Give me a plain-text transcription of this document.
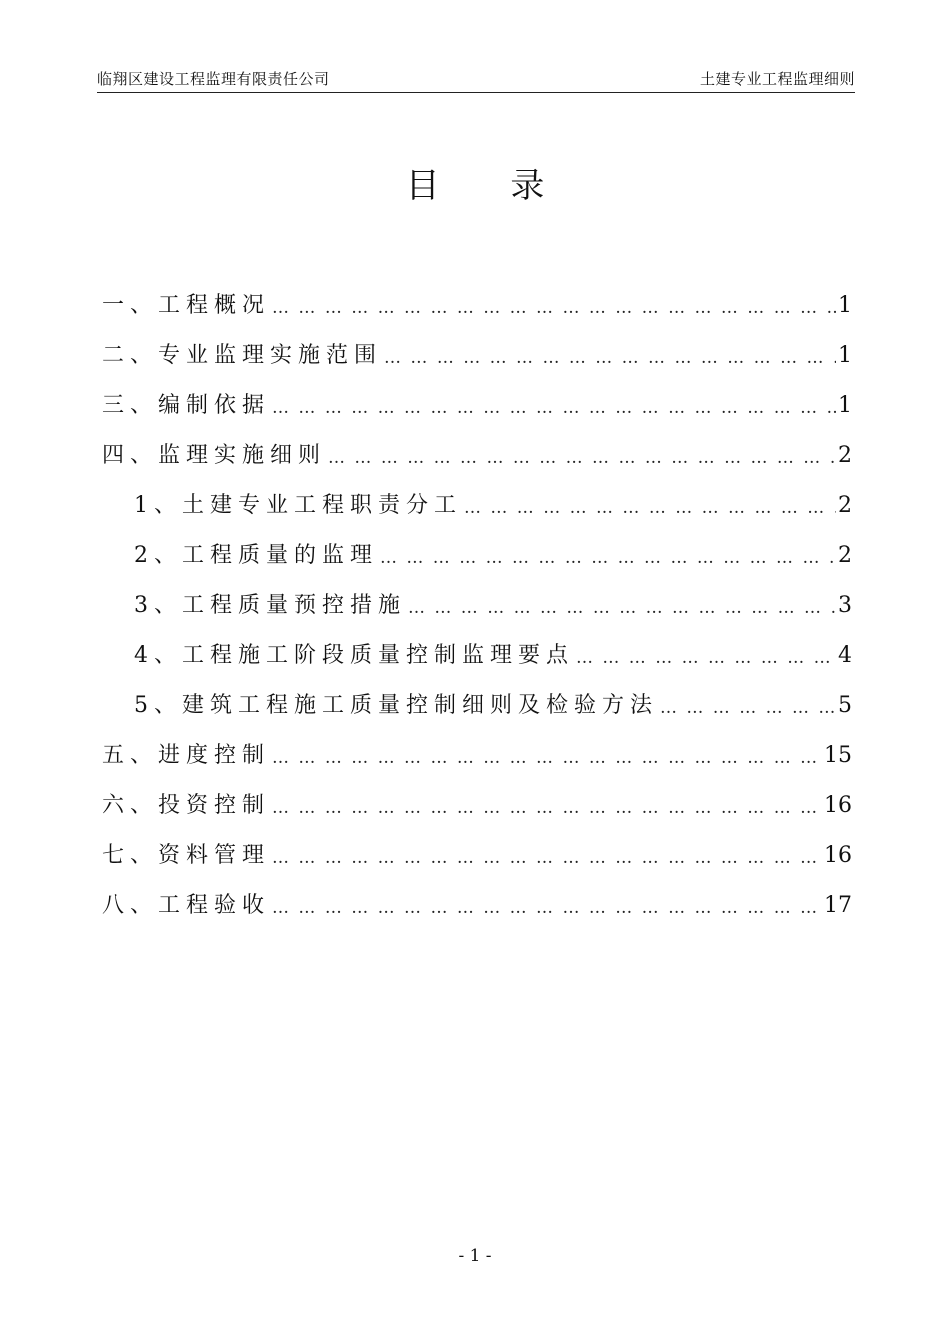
临翔区建设工程监理有限责任公司	土建专业工程监理细则
目 录
一、工程概况 … … … … … … … … … … … … … … … … … … … … … … … … … … … … … … … … … … … … … … … … … … … … … … … … … … … … … … … … … … … … … … … …	1
二、专业监理实施范围 … … … … … … … … … … … … … … … … … … … … … … … … … … … … … … … … … … … … … … … … … … … … … … … … … … … … … … … … … … … … … … … …	1
三、编制依据 … … … … … … … … … … … … … … … … … … … … … … … … … … … … … … … … … … … … … … … … … … … … … … … … … … … … … … … … … … … … … … … …	1
四、监理实施细则 … … … … … … … … … … … … … … … … … … … … … … … … … … … … … … … … … … … … … … … … … … … … … … … … … … … … … … … … … … … … … … … …	2
1、土建专业工程职责分工 … … … … … … … … … … … … … … … … … … … … … … … … … … … … … … … … … … … … … … … … … … … … … … … … … … … … … … … … … … … … … … … …	2
2、工程质量的监理 … … … … … … … … … … … … … … … … … … … … … … … … … … … … … … … … … … … … … … … … … … … … … … … … … … … … … … … … … … … … … … … …	2
3、工程质量预控措施 … … … … … … … … … … … … … … … … … … … … … … … … … … … … … … … … … … … … … … … … … … … … … … … … … … … … … … … … … … … … … … … …	3
4、工程施工阶段质量控制监理要点 … … … … … … … … … … … … … … … … … … … … … … … … … … … … … … … … … … … … … … … … … … … … … … … … … … … … … … … … … … … … … … … …	4
5、建筑工程施工质量控制细则及检验方法 … … … … … … … … … … … … … … … … … … … … … … … … … … … … … … … … … … … … … … … … … … … … … … … … … … … … … … … … … … … … … … … …	5
五、进度控制 … … … … … … … … … … … … … … … … … … … … … … … … … … … … … … … … … … … … … … … … … … … … … … … … … … … … … … … … … … … … … … … …	15
六、投资控制 … … … … … … … … … … … … … … … … … … … … … … … … … … … … … … … … … … … … … … … … … … … … … … … … … … … … … … … … … … … … … … … …	16
七、资料管理 … … … … … … … … … … … … … … … … … … … … … … … … … … … … … … … … … … … … … … … … … … … … … … … … … … … … … … … … … … … … … … … …	16
八、工程验收 … … … … … … … … … … … … … … … … … … … … … … … … … … … … … … … … … … … … … … … … … … … … … … … … … … … … … … … … … … … … … … … …	17
- 1 -
